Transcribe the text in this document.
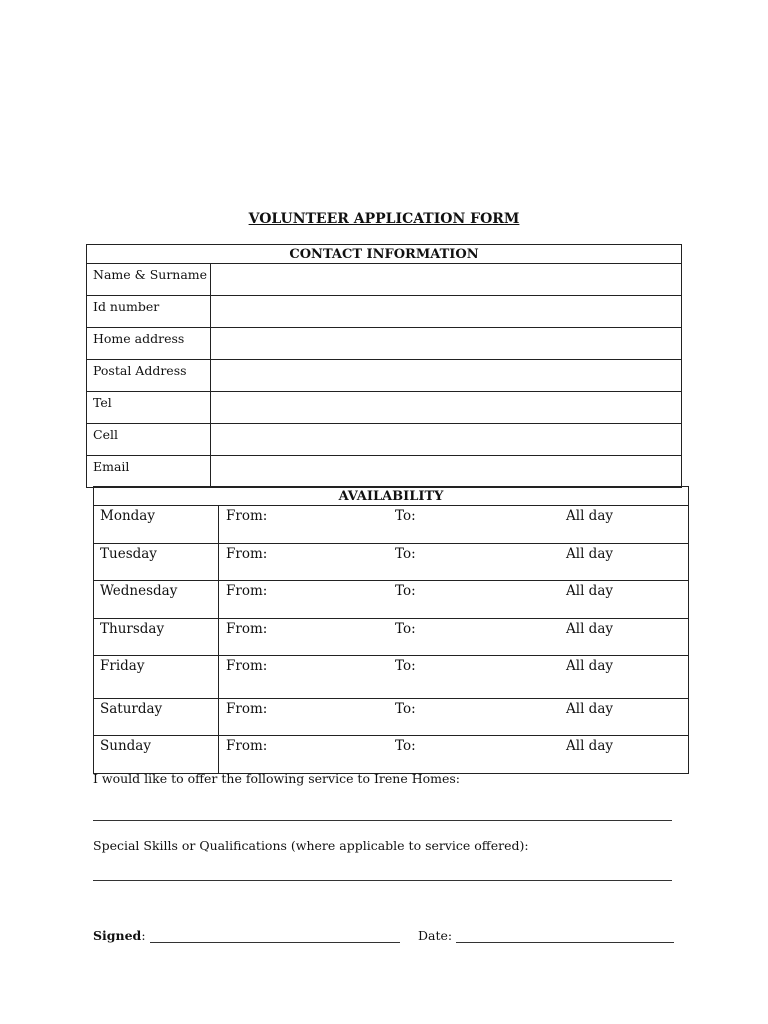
VOLUNTEER APPLICATION FORM
CONTACT INFORMATION	
Name & Surname	
Id number	
Home address	
Postal Address	
Tel	
Cell	
Email	
AVAILABILITY	
Monday	From: To: All day

Tuesday	From: To: All day

Wednesday	From: To: All day

Thursday	From: To: All day

Friday	From: To: All day

Saturday	From: To: All day

Sunday	From: To: All day
I would like to offer the following service to Irene Homes:
Special Skills or Qualifications (where applicable to service offered):
Signed:	Date:
